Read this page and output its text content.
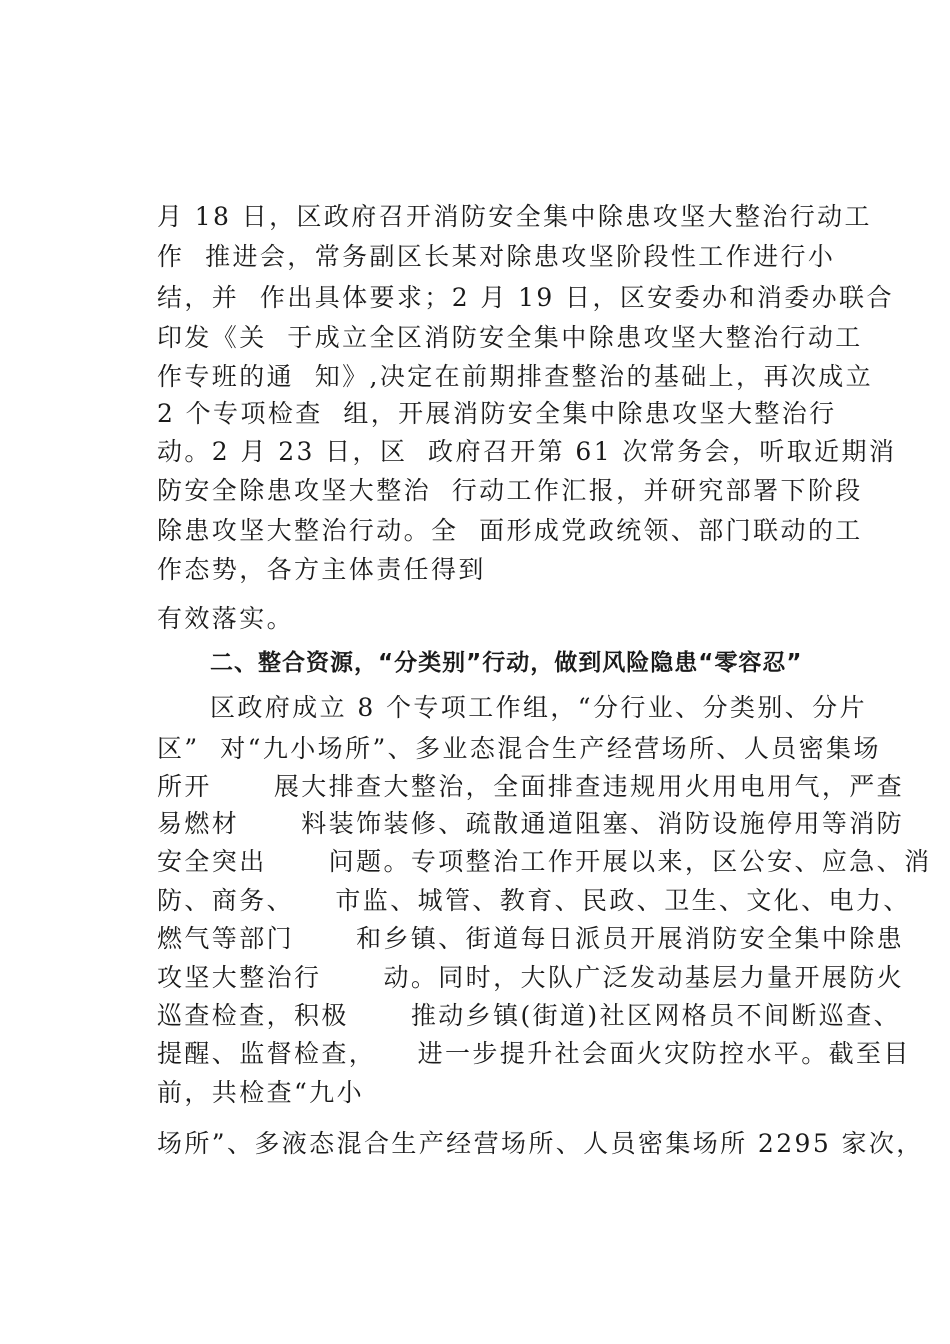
月 18 日，区政府召开消防安全集中除患攻坚大整治行动工
作  推进会，常务副区长某对除患攻坚阶段性工作进行小
结，并  作出具体要求；2 月 19 日，区安委办和消委办联合
印发《关  于成立全区消防安全集中除患攻坚大整治行动工
作专班的通  知》,决定在前期排查整治的基础上，再次成立
2 个专项检查  组，开展消防安全集中除患攻坚大整治行
动。2 月 23 日，区  政府召开第 61 次常务会，听取近期消
防安全除患攻坚大整治  行动工作汇报，并研究部署下阶段
除患攻坚大整治行动。全  面形成党政统领、部门联动的工
作态势，各方主体责任得到
有效落实。
二、整合资源，“分类别”行动，做到风险隐患“零容忍”
区政府成立 8 个专项工作组，“分行业、分类别、分片
区”  对“九小场所”、多业态混合生产经营场所、人员密集场
所开      展大排查大整治，全面排查违规用火用电用气，严查
易燃材      料装饰装修、疏散通道阻塞、消防设施停用等消防
安全突出      问题。专项整治工作开展以来，区公安、应急、消
防、商务、    市监、城管、教育、民政、卫生、文化、电力、
燃气等部门      和乡镇、街道每日派员开展消防安全集中除患
攻坚大整治行      动。同时，大队广泛发动基层力量开展防火
巡查检查，积极      推动乡镇(街道)社区网格员不间断巡查、
提醒、监督检查，    进一步提升社会面火灾防控水平。截至目
前，共检查“九小
场所”、多液态混合生产经营场所、人员密集场所 2295 家次，
